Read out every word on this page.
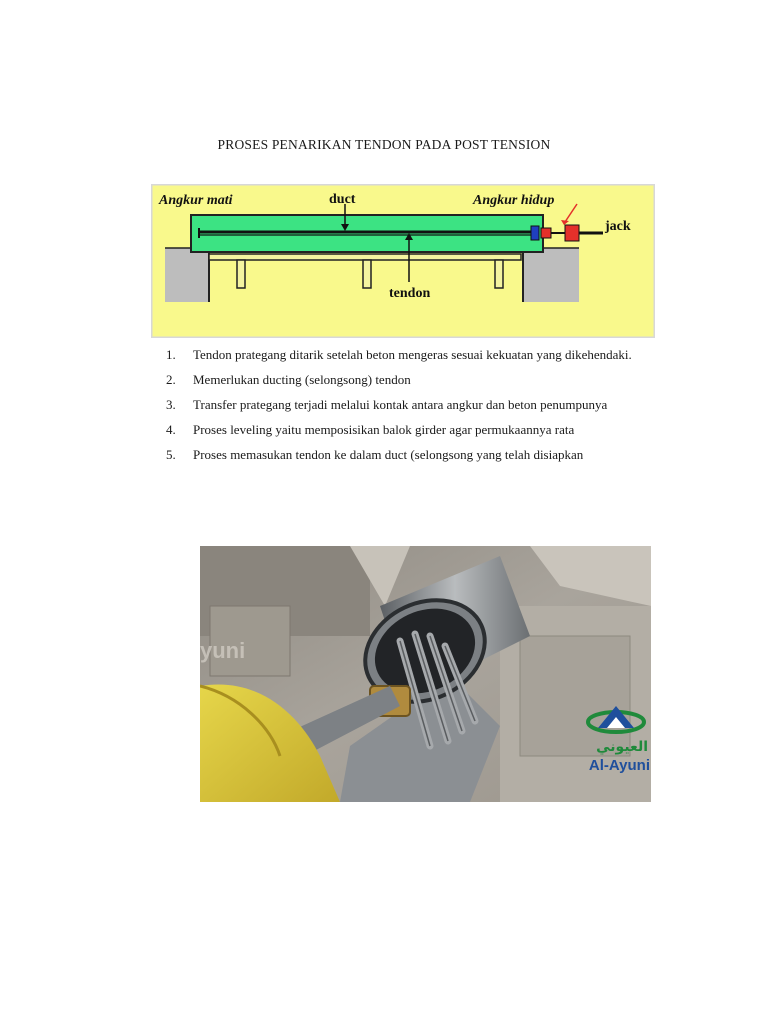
PROSES PENARIKAN TENDON PADA POST TENSION
Angkur mati	duct	Angkur hidup
jack
tendon
1. Tendon prategang ditarik setelah beton mengeras sesuai kekuatan yang dikehendaki.
2. Memerlukan ducting (selongsong) tendon
3. Transfer prategang terjadi melalui kontak antara angkur dan beton penumpunya
4. Proses leveling yaitu memposisikan balok girder agar permukaannya rata
5. Proses memasukan tendon ke dalam duct (selongsong yang telah disiapkan
yuni
العيوني
Al-Ayuni
